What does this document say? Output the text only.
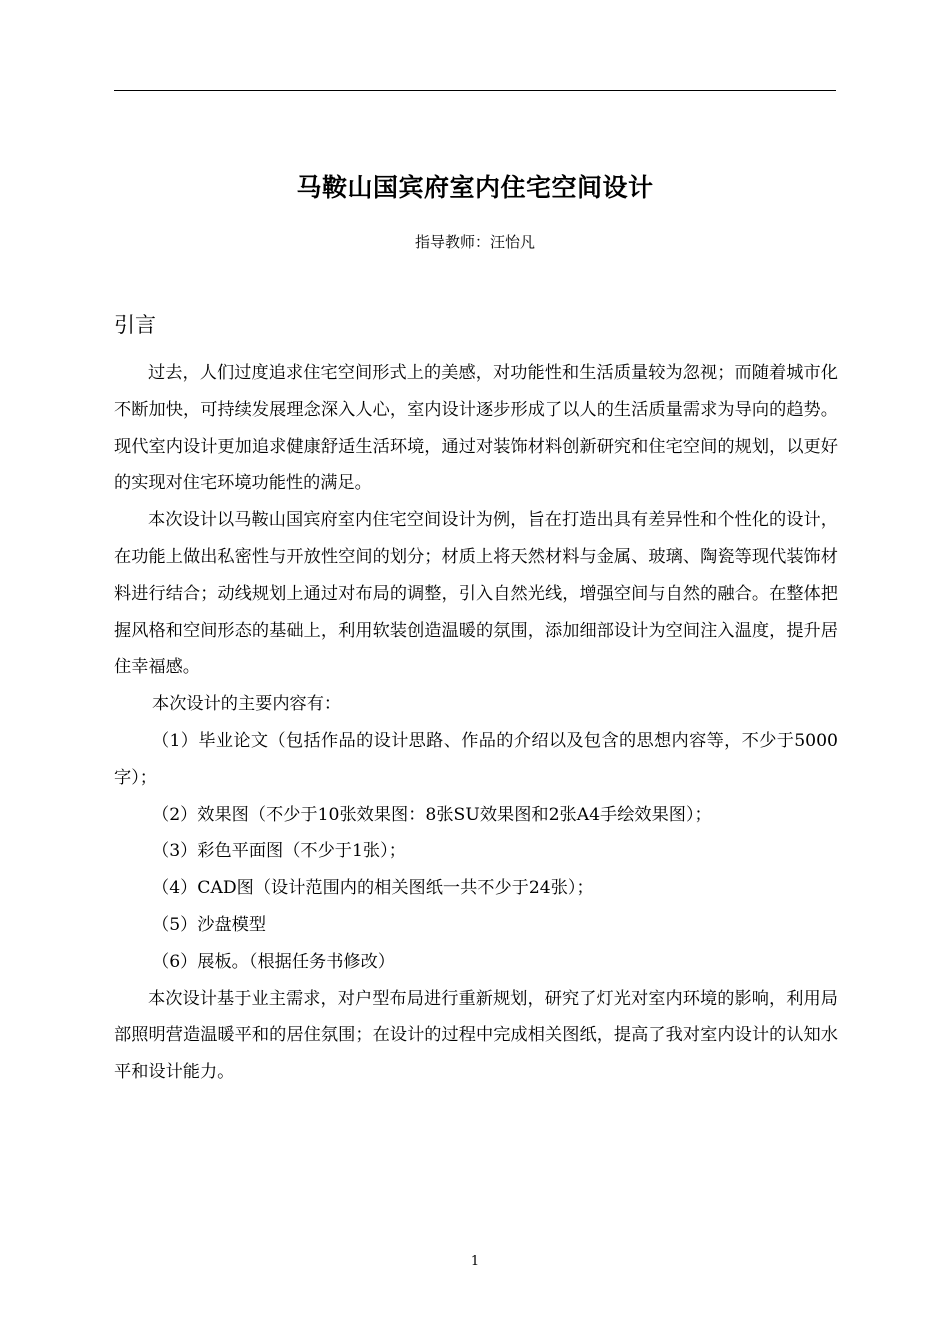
马鞍山国宾府室内住宅空间设计
指导教师：汪怡凡
引言

过去，人们过度追求住宅空间形式上的美感，对功能性和生活质量较为忽视；而随着城市化不断加快，可持续发展理念深入人心，室内设计逐步形成了以人的生活质量需求为导向的趋势。现代室内设计更加追求健康舒适生活环境，通过对装饰材料创新研究和住宅空间的规划，以更好的实现对住宅环境功能性的满足。

本次设计以马鞍山国宾府室内住宅空间设计为例，旨在打造出具有差异性和个性化的设计，在功能上做出私密性与开放性空间的划分；材质上将天然材料与金属、玻璃、陶瓷等现代装饰材料进行结合；动线规划上通过对布局的调整，引入自然光线，增强空间与自然的融合。在整体把握风格和空间形态的基础上，利用软装创造温暖的氛围，添加细部设计为空间注入温度，提升居住幸福感。

本次设计的主要内容有：

（1）毕业论文（包括作品的设计思路、作品的介绍以及包含的思想内容等，不少于5000字）；

（2）效果图（不少于10张效果图：8张SU效果图和2张A4手绘效果图）；

（3）彩色平面图（不少于1张）；

（4）CAD图（设计范围内的相关图纸一共不少于24张）；

（5）沙盘模型

（6）展板。（根据任务书修改）

本次设计基于业主需求，对户型布局进行重新规划，研究了灯光对室内环境的影响，利用局部照明营造温暖平和的居住氛围；在设计的过程中完成相关图纸，提高了我对室内设计的认知水平和设计能力。

1
